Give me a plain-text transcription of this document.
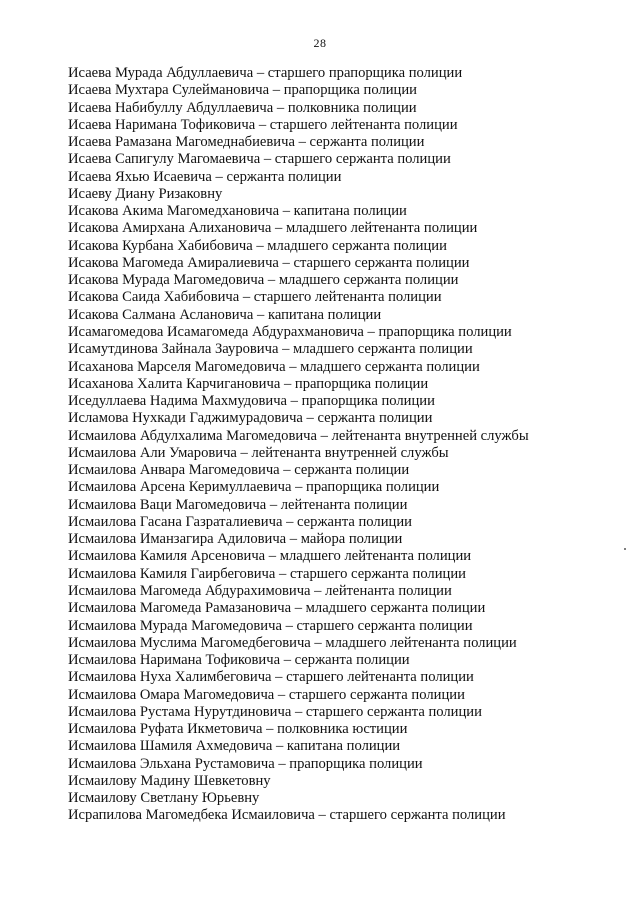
28
Исаева Мурада Абдуллаевича – старшего прапорщика полиции
Исаева Мухтара Сулеймановича – прапорщика полиции
Исаева Набибуллу Абдуллаевича – полковника полиции
Исаева Наримана Тофиковича – старшего лейтенанта полиции
Исаева Рамазана Магомеднабиевича – сержанта полиции
Исаева Сапигулу Магомаевича – старшего сержанта полиции
Исаева Яхью Исаевича – сержанта полиции
Исаеву Диану Ризаковну
Исакова Акима Магомедхановича – капитана полиции
Исакова Амирхана Алихановича – младшего лейтенанта полиции
Исакова Курбана Хабибовича – младшего сержанта полиции
Исакова Магомеда Амиралиевича – старшего сержанта полиции
Исакова Мурада Магомедовича – младшего сержанта полиции
Исакова Саида Хабибовича – старшего лейтенанта полиции
Исакова Салмана Аслановича – капитана полиции
Исамагомедова Исамагомеда Абдурахмановича – прапорщика полиции
Исамутдинова Зайнала Зауровича – младшего сержанта полиции
Исаханова Марселя Магомедовича – младшего сержанта полиции
Исаханова Халита Карчигановича – прапорщика полиции
Иседуллаева Надима Махмудовича – прапорщика полиции
Исламова Нухкади Гаджимурадовича – сержанта полиции
Исмаилова Абдулхалима Магомедовича – лейтенанта внутренней службы
Исмаилова Али Умаровича – лейтенанта внутренней службы
Исмаилова Анвара Магомедовича – сержанта полиции
Исмаилова Арсена Керимуллаевича – прапорщика полиции
Исмаилова Ваци Магомедовича – лейтенанта полиции
Исмаилова Гасана Газраталиевича – сержанта полиции
Исмаилова Иманзагира Адиловича – майора полиции
Исмаилова Камиля Арсеновича – младшего лейтенанта полиции
Исмаилова Камиля Гаирбеговича – старшего сержанта полиции
Исмаилова Магомеда Абдурахимовича – лейтенанта полиции
Исмаилова Магомеда Рамазановича – младшего сержанта полиции
Исмаилова Мурада Магомедовича – старшего сержанта полиции
Исмаилова Муслима Магомедбеговича – младшего лейтенанта полиции
Исмаилова Наримана Тофиковича – сержанта полиции
Исмаилова Нуха Халимбеговича – старшего лейтенанта полиции
Исмаилова Омара Магомедовича – старшего сержанта полиции
Исмаилова Рустама Нурутдиновича – старшего сержанта полиции
Исмаилова Руфата Икметовича – полковника юстиции
Исмаилова Шамиля Ахмедовича – капитана полиции
Исмаилова Эльхана Рустамовича – прапорщика полиции
Исмаилову Мадину Шевкетовну
Исмаилову Светлану Юрьевну
Исрапилова Магомедбека Исмаиловича – старшего сержанта полиции
